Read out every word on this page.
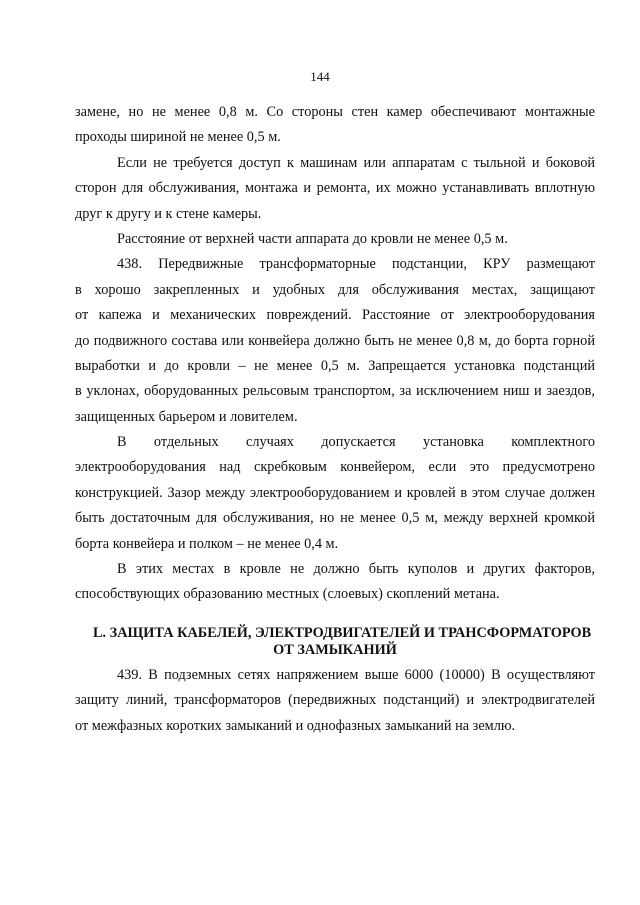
144
замене, но не менее 0,8 м. Со стороны стен камер обеспечивают монтажные
проходы шириной не менее 0,5 м.
Если не требуется доступ к машинам или аппаратам с тыльной и боковой
сторон для обслуживания, монтажа и ремонта, их можно устанавливать вплотную
друг к другу и к стене камеры.
Расстояние от верхней части аппарата до кровли не менее 0,5 м.
438. Передвижные трансформаторные подстанции, КРУ размещают
в хорошо закрепленных и удобных для обслуживания местах, защищают
от капежа и механических повреждений. Расстояние от электрооборудования
до подвижного состава или конвейера должно быть не менее 0,8 м, до борта горной
выработки и до кровли – не менее 0,5 м. Запрещается установка подстанций
в уклонах, оборудованных рельсовым транспортом, за исключением ниш и заездов,
защищенных барьером и ловителем.
В отдельных случаях допускается установка комплектного
электрооборудования над скребковым конвейером, если это предусмотрено
конструкцией. Зазор между электрооборудованием и кровлей в этом случае должен
быть достаточным для обслуживания, но не менее 0,5 м, между верхней кромкой
борта конвейера и полком – не менее 0,4 м.
В этих местах в кровле не должно быть куполов и других факторов,
способствующих образованию местных (слоевых) скоплений метана.
L. ЗАЩИТА КАБЕЛЕЙ, ЭЛЕКТРОДВИГАТЕЛЕЙ И ТРАНСФОРМАТОРОВ
ОТ ЗАМЫКАНИЙ
439. В подземных сетях напряжением выше 6000 (10000) В осуществляют
защиту линий, трансформаторов (передвижных подстанций) и электродвигателей
от межфазных коротких замыканий и однофазных замыканий на землю.
